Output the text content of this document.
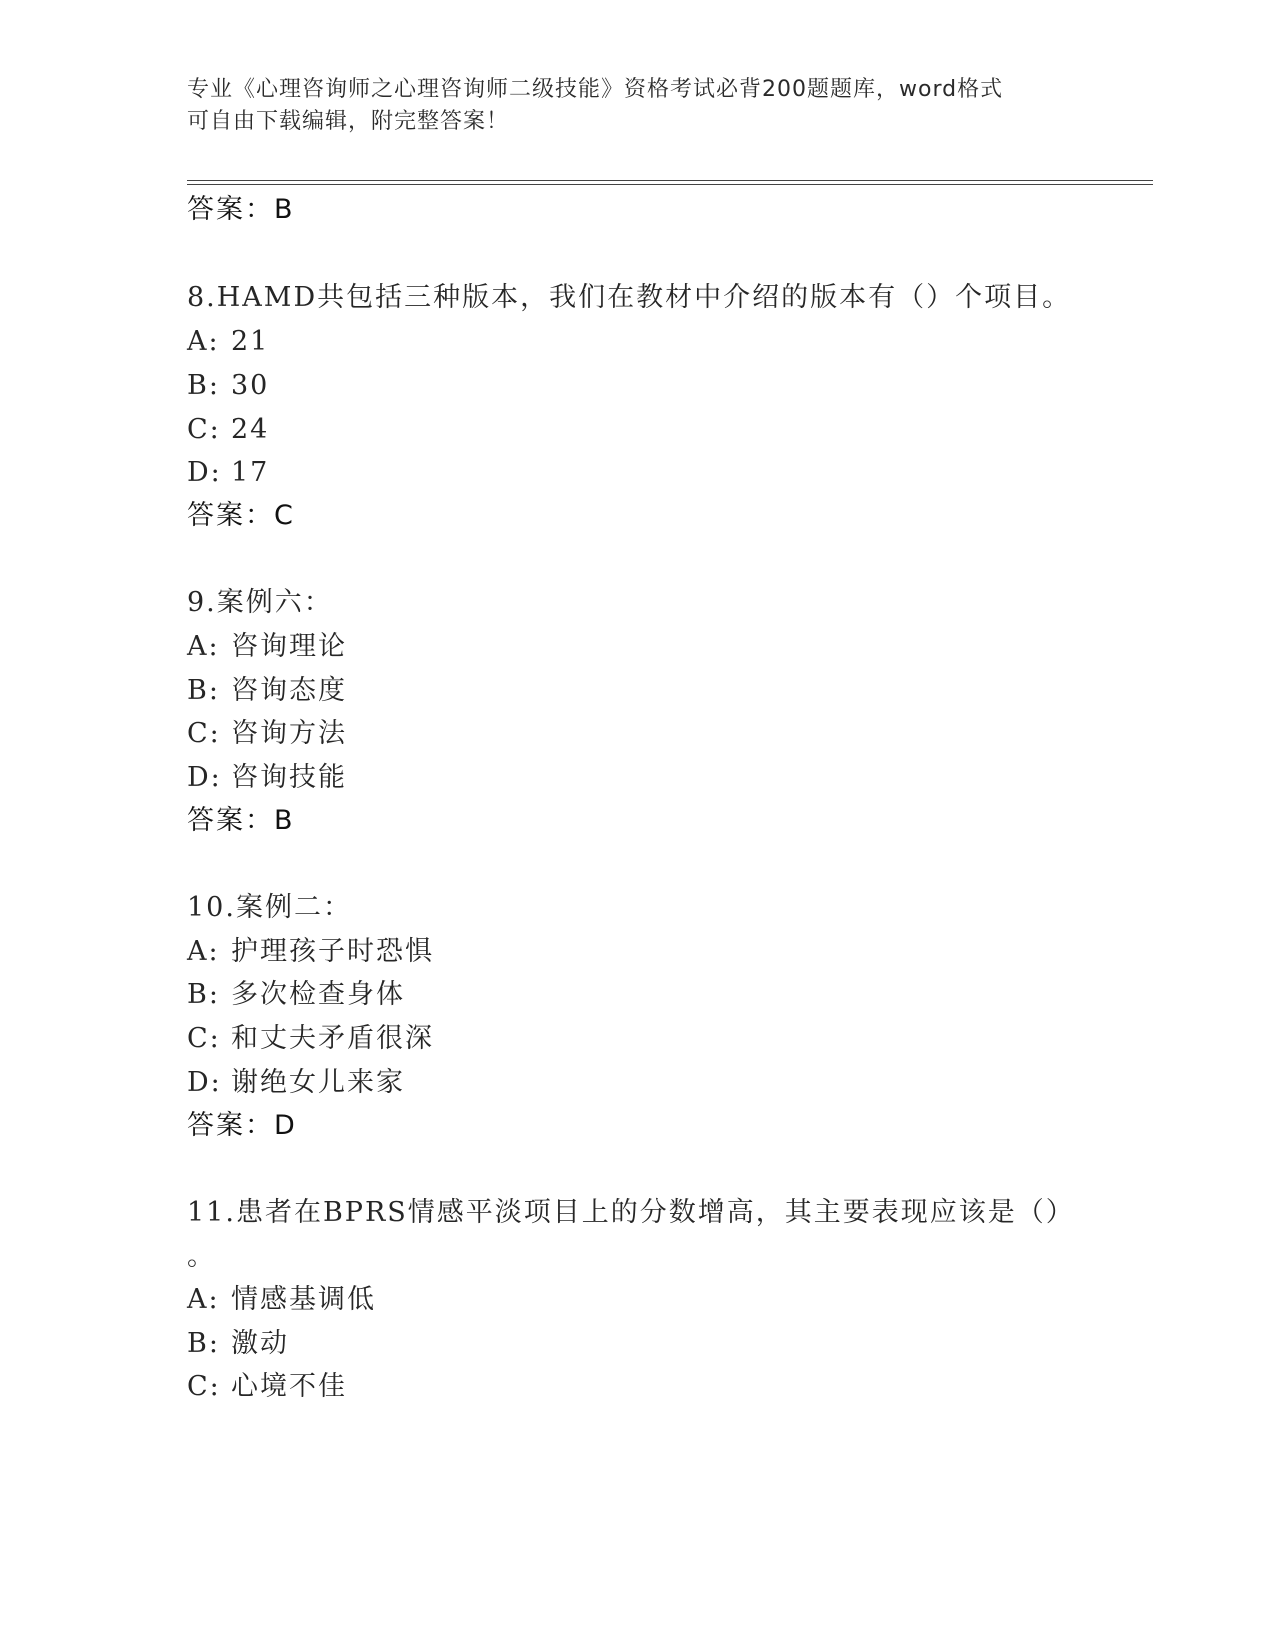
专业《心理咨询师之心理咨询师二级技能》资格考试必背200题题库，word格式
可自由下载编辑，附完整答案！
答案：B
8.HAMD共包括三种版本，我们在教材中介绍的版本有（）个项目。
A: 21
B: 30
C: 24
D: 17
答案：C
9.案例六：
A: 咨询理论
B: 咨询态度
C: 咨询方法
D: 咨询技能
答案：B
10.案例二：
A: 护理孩子时恐惧
B: 多次检查身体
C: 和丈夫矛盾很深
D: 谢绝女儿来家
答案：D
11.患者在BPRS情感平淡项目上的分数增高，其主要表现应该是（）
。
A: 情感基调低
B: 激动
C: 心境不佳
